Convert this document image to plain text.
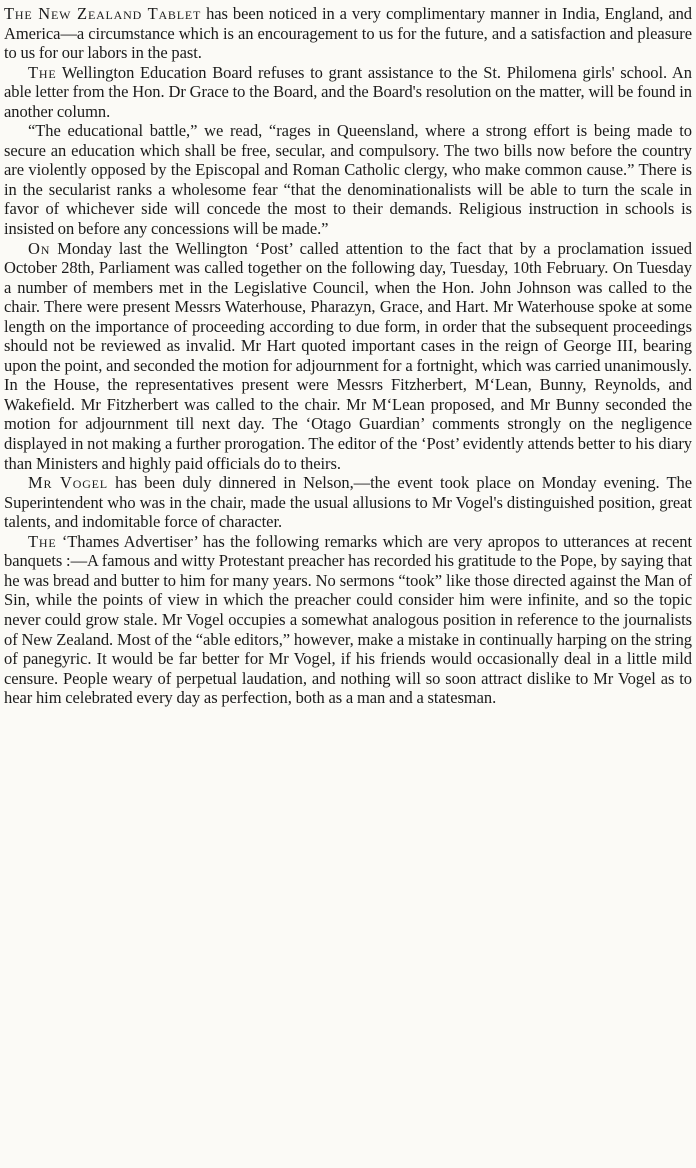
The New Zealand Tablet has been noticed in a very complimentary manner in India, England, and America—a circumstance which is an encouragement to us for the future, and a satisfaction and pleasure to us for our labors in the past.

The Wellington Education Board refuses to grant assistance to the St. Philomena girls' school. An able letter from the Hon. Dr Grace to the Board, and the Board's resolution on the matter, will be found in another column.

“The educational battle,” we read, “rages in Queensland, where a strong effort is being made to secure an education which shall be free, secular, and compulsory. The two bills now before the country are violently opposed by the Episcopal and Roman Catholic clergy, who make common cause.” There is in the secularist ranks a wholesome fear “that the denominationalists will be able to turn the scale in favor of whichever side will concede the most to their demands. Religious instruction in schools is insisted on before any concessions will be made.”

On Monday last the Wellington ‘Post’ called attention to the fact that by a proclamation issued October 28th, Parliament was called together on the following day, Tuesday, 10th February. On Tuesday a number of members met in the Legislative Council, when the Hon. John Johnson was called to the chair. There were present Messrs Waterhouse, Pharazyn, Grace, and Hart. Mr Waterhouse spoke at some length on the importance of proceeding according to due form, in order that the subsequent proceedings should not be reviewed as invalid. Mr Hart quoted important cases in the reign of George III, bearing upon the point, and seconded the motion for adjournment for a fortnight, which was carried unanimously. In the House, the representatives present were Messrs Fitzherbert, M‘Lean, Bunny, Reynolds, and Wakefield. Mr Fitzherbert was called to the chair. Mr M‘Lean proposed, and Mr Bunny seconded the motion for adjournment till next day. The ‘Otago Guardian’ comments strongly on the negligence displayed in not making a further prorogation. The editor of the ‘Post’ evidently attends better to his diary than Ministers and highly paid officials do to theirs.

Mr Vogel has been duly dinnered in Nelson,—the event took place on Monday evening. The Superintendent who was in the chair, made the usual allusions to Mr Vogel's distinguished position, great talents, and indomitable force of character.

The ‘Thames Advertiser’ has the following remarks which are very apropos to utterances at recent banquets :—A famous and witty Protestant preacher has recorded his gratitude to the Pope, by saying that he was bread and butter to him for many years. No sermons “took” like those directed against the Man of Sin, while the points of view in which the preacher could consider him were infinite, and so the topic never could grow stale. Mr Vogel occupies a somewhat analogous position in reference to the journalists of New Zealand. Most of the “able editors,” however, make a mistake in continually harping on the string of panegyric. It would be far better for Mr Vogel, if his friends would occasionally deal in a little mild censure. People weary of perpetual laudation, and nothing will so soon attract dislike to Mr Vogel as to hear him celebrated every day as perfection, both as a man and a statesman.
